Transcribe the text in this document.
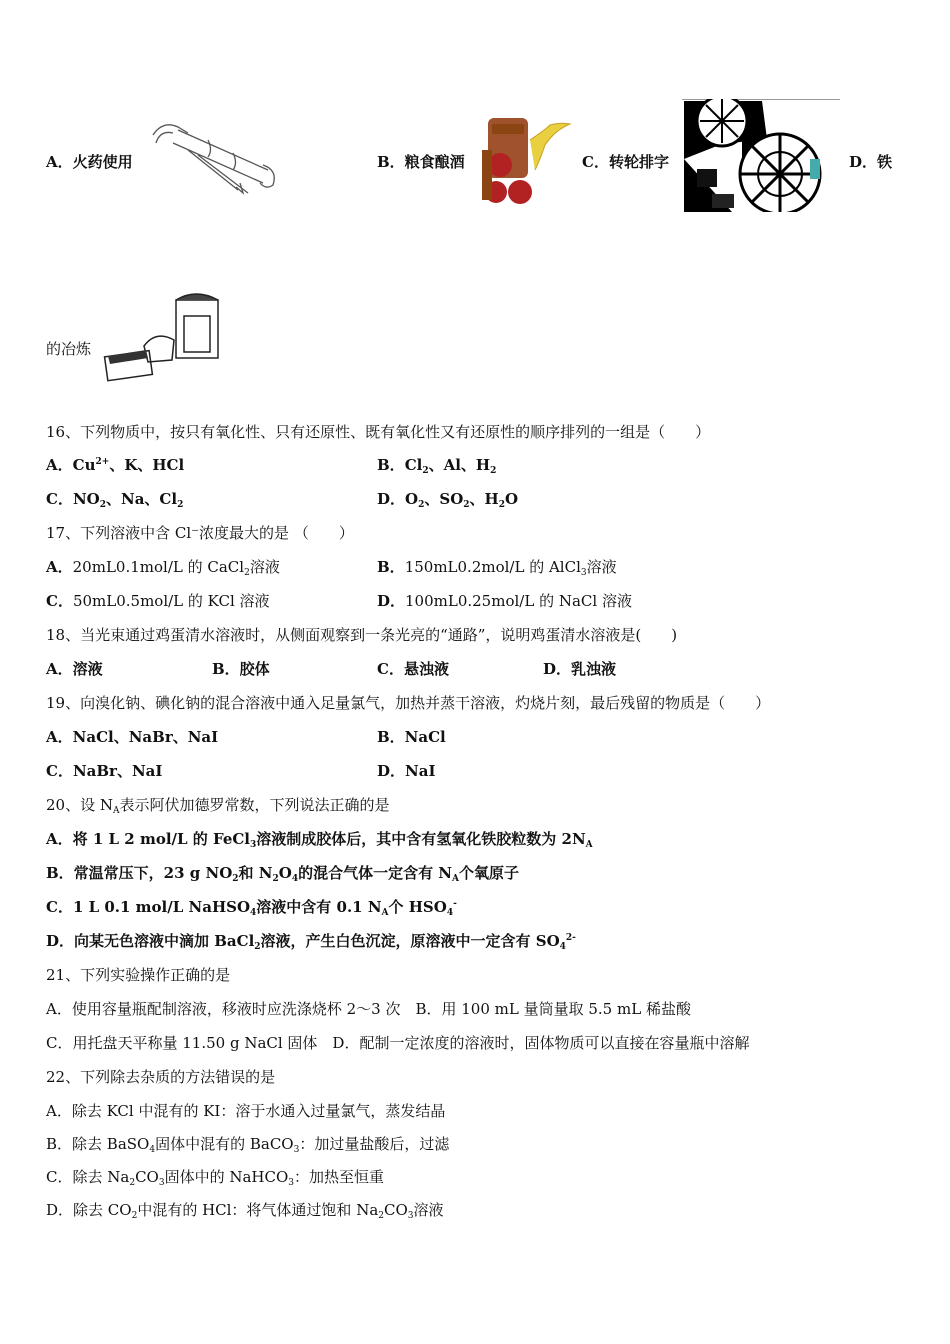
A．火药使用	B．粮食酿酒	C．转轮排字	D．铁
的冶炼
16、下列物质中，按只有氧化性、只有还原性、既有氧化性又有还原性的顺序排列的一组是（　　）
A．$Cu^{2+}$、K、HCl	B．$Cl_2$、Al、$H_2$
C．$NO_2$、Na、$Cl_2$	D．$O_2$、$SO_2$、$H_2O$
17、下列溶液中含 Cl⁻浓度最大的是 （　　）
A．20mL0.1mol/L 的 CaCl$_2$溶液	B．150mL0.2mol/L 的 AlCl$_3$溶液
C．50mL0.5mol/L 的 KCl 溶液	D．100mL0.25mol/L 的 NaCl 溶液
18、当光束通过鸡蛋清水溶液时，从侧面观察到一条光亮的“通路”，说明鸡蛋清水溶液是(　　)
A．溶液	B．胶体	C．悬浊液	D．乳浊液
19、向溴化钠、碘化钠的混合溶液中通入足量氯气，加热并蒸干溶液，灼烧片刻，最后残留的物质是（　　）
A．NaCl、NaBr、NaI	B．NaCl
C．NaBr、NaI	D．NaI
20、设 $N_A$表示阿伏加德罗常数，下列说法正确的是
A．将 1 L 2 mol/L 的 FeCl$_3$溶液制成胶体后，其中含有氢氧化铁胶粒数为 $2N_A$
B．常温常压下，23 g $NO_2$和 $N_2O_4$的混合气体一定含有 $N_A$个氧原子
C．1 L 0.1 mol/L NaHSO$_4$溶液中含有 0.1 $N_A$个 $HSO_4^-$
D．向某无色溶液中滴加 BaCl$_2$溶液，产生白色沉淀，原溶液中一定含有 $SO_4^{2-}$
21、下列实验操作正确的是
A．使用容量瓶配制溶液，移液时应洗涤烧杯 2～3 次　B．用 100 mL 量筒量取 5.5 mL 稀盐酸
C．用托盘天平称量 11.50 g NaCl 固体　D．配制一定浓度的溶液时，固体物质可以直接在容量瓶中溶解
22、下列除去杂质的方法错误的是
A．除去 KCl 中混有的 KI：溶于水通入过量氯气，蒸发结晶
B．除去 BaSO$_4$固体中混有的 BaCO$_3$：加过量盐酸后，过滤
C．除去 $Na_2CO_3$固体中的 NaHCO$_3$：加热至恒重
D．除去 $CO_2$中混有的 HCl：将气体通过饱和 $Na_2CO_3$溶液
